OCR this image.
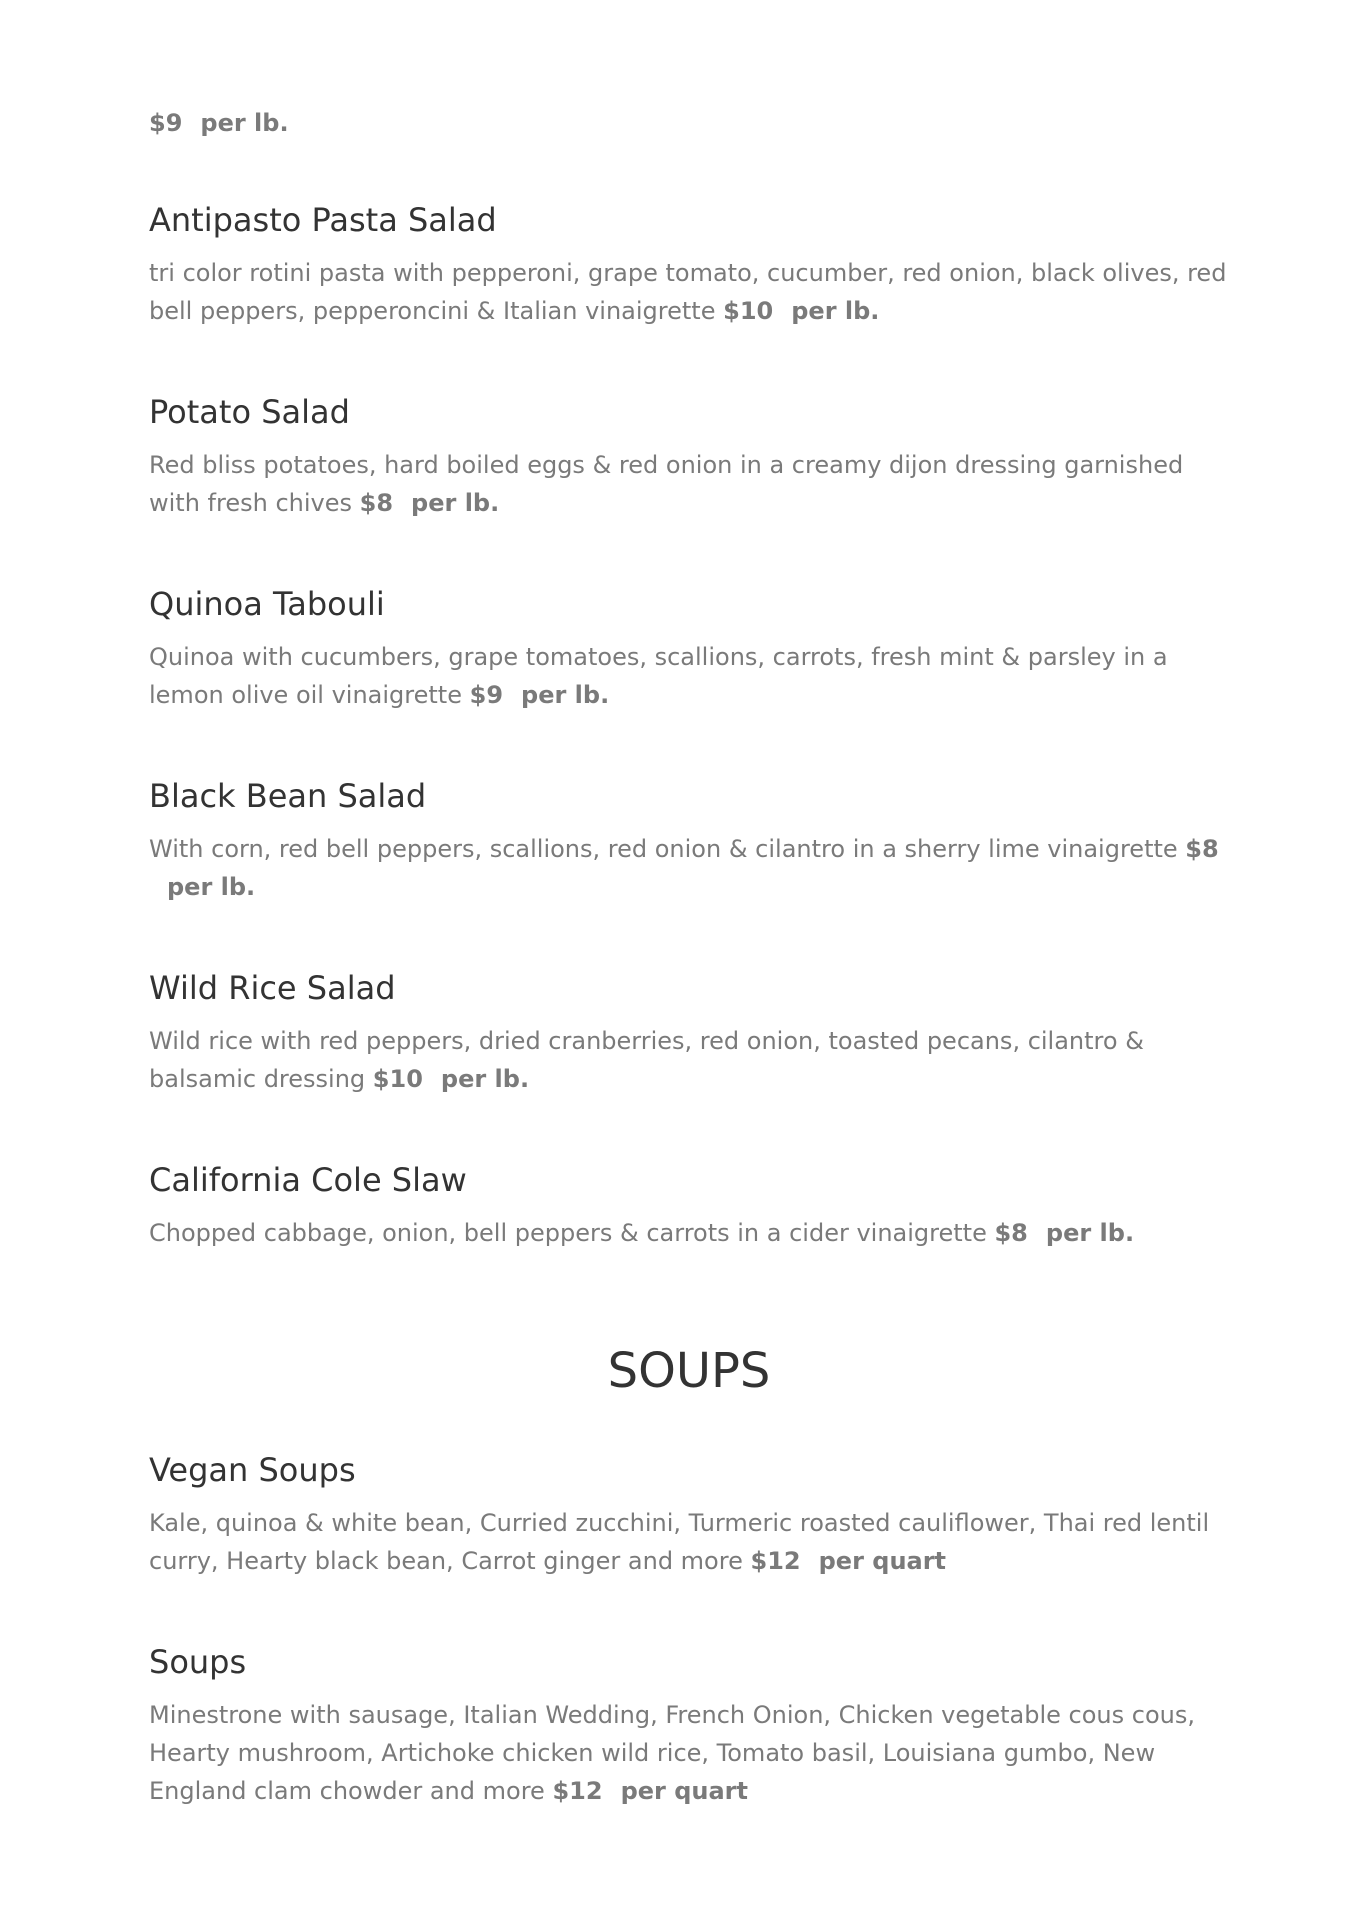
$9 per lb.
Antipasto Pasta Salad

tri color rotini pasta with pepperoni, grape tomato, cucumber, red onion, black olives, red bell peppers, pepperoncini & Italian vinaigrette $10 per lb.

Potato Salad

Red bliss potatoes, hard boiled eggs & red onion in a creamy dijon dressing garnished with fresh chives $8 per lb.

Quinoa Tabouli

Quinoa with cucumbers, grape tomatoes, scallions, carrots, fresh mint & parsley in a lemon olive oil vinaigrette $9 per lb.

Black Bean Salad

With corn, red bell peppers, scallions, red onion & cilantro in a sherry lime vinaigrette $8per lb.

Wild Rice Salad

Wild rice with red peppers, dried cranberries, red onion, toasted pecans, cilantro & balsamic dressing $10 per lb.

California Cole Slaw

Chopped cabbage, onion, bell peppers & carrots in a cider vinaigrette $8 per lb.

SOUPS
Vegan Soups

Kale, quinoa & white bean, Curried zucchini, Turmeric roasted cauliflower, Thai red lentil curry, Hearty black bean, Carrot ginger and more $12 per quart

Soups

Minestrone with sausage, Italian Wedding, French Onion, Chicken vegetable cous cous, Hearty mushroom, Artichoke chicken wild rice, Tomato basil, Louisiana gumbo, New England clam chowder and more $12 per quart
